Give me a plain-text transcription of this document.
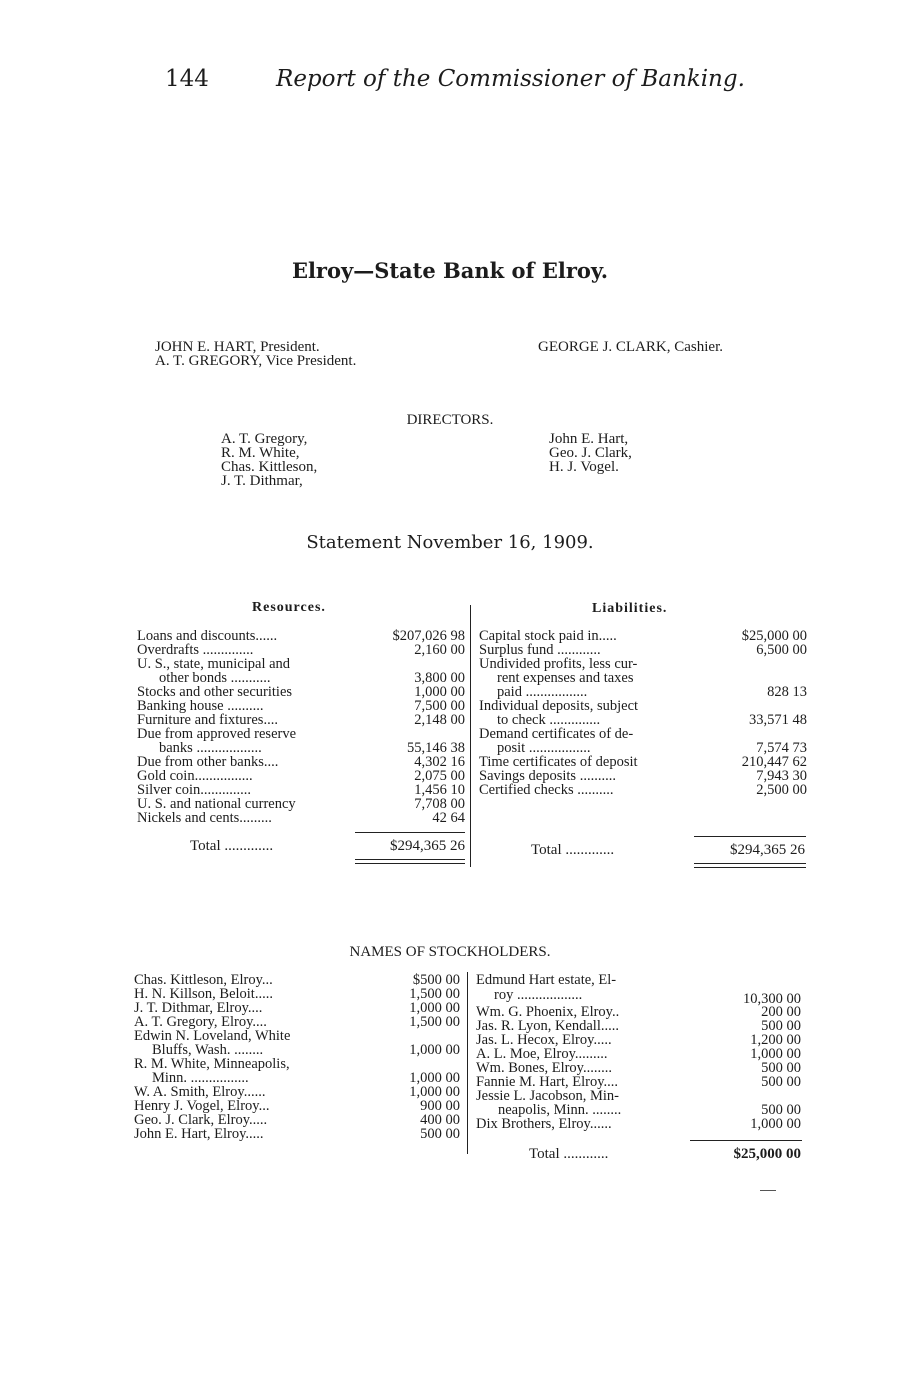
144	Report of the Commissioner of Banking.
Elroy—State Bank of Elroy.
JOHN E. HART, President.
A. T. GREGORY, Vice President.
GEORGE J. CLARK, Cashier.
DIRECTORS.
A. T. Gregory,
R. M. White,
Chas. Kittleson,
J. T. Dithmar,
John E. Hart,
Geo. J. Clark,
H. J. Vogel.
Statement November 16, 1909.
Resources.	Liabilities.
Loans and discounts......	$207,026 98
Overdrafts ..............	2,160 00
U. S., state, municipal and
other bonds ...........	3,800 00
Stocks and other securities	1,000 00
Banking house ..........	7,500 00
Furniture and fixtures....	2,148 00
Due from approved reserve
banks ..................	55,146 38
Due from other banks....	4,302 16
Gold coin................	2,075 00
Silver coin..............	1,456 10
U. S. and national currency	7,708 00
Nickels and cents.........	42 64
Total .............	$294,365 26
Capital stock paid in.....	$25,000 00
Surplus fund ............	6,500 00
Undivided profits, less cur-
rent expenses and taxes
paid .................	828 13
Individual deposits, subject
to check ..............	33,571 48
Demand certificates of de-
posit .................	7,574 73
Time certificates of deposit	210,447 62
Savings deposits ..........	7,943 30
Certified checks ..........	2,500 00
Total .............	$294,365 26
NAMES OF STOCKHOLDERS.
Chas. Kittleson, Elroy...	$500 00
H. N. Killson, Beloit.....	1,500 00
J. T. Dithmar, Elroy....	1,000 00
A. T. Gregory, Elroy....	1,500 00
Edwin N. Loveland, White
Bluffs, Wash. ........	1,000 00
R. M. White, Minneapolis,
Minn. ................	1,000 00
W. A. Smith, Elroy......	1,000 00
Henry J. Vogel, Elroy...	900 00
Geo. J. Clark, Elroy.....	400 00
John E. Hart, Elroy.....	500 00
Edmund Hart estate, El-
roy ..................	10,300 00
Wm. G. Phoenix, Elroy..	200 00
Jas. R. Lyon, Kendall.....	500 00
Jas. L. Hecox, Elroy.....	1,200 00
A. L. Moe, Elroy.........	1,000 00
Wm. Bones, Elroy........	500 00
Fannie M. Hart, Elroy....	500 00
Jessie L. Jacobson, Min-
neapolis, Minn. ........	500 00
Dix Brothers, Elroy......	1,000 00
Total ............	$25,000 00
